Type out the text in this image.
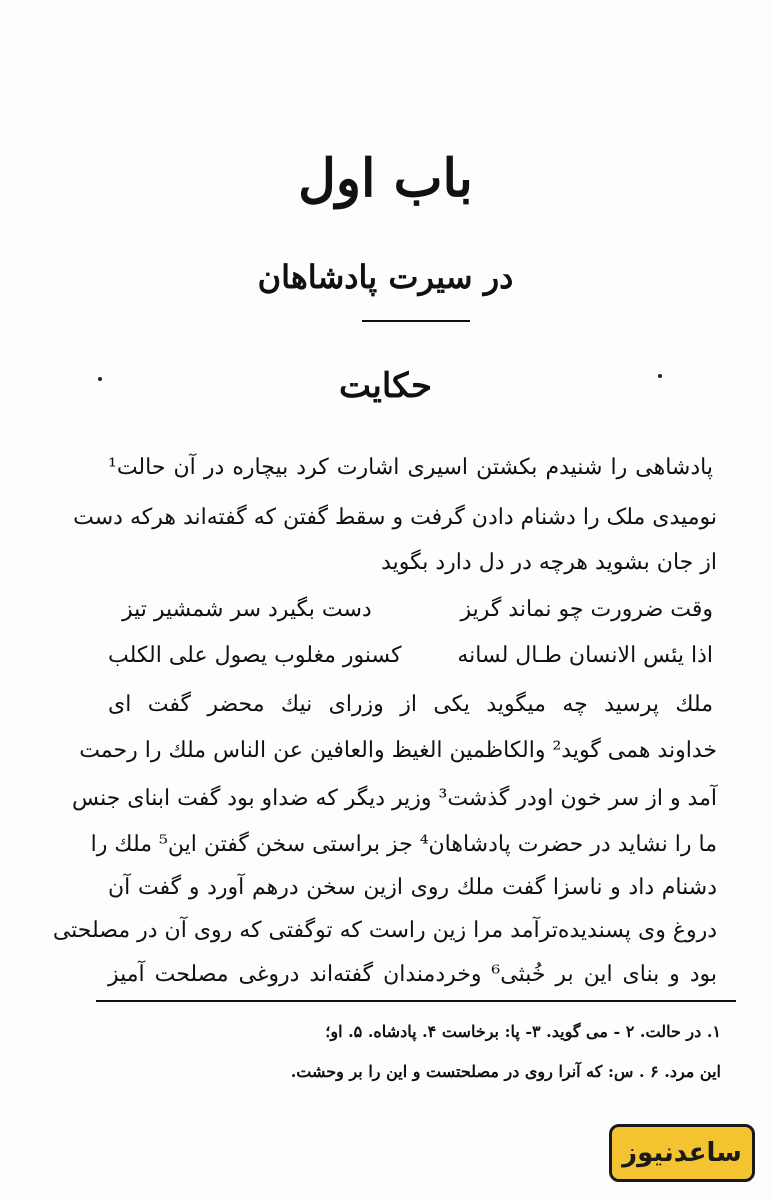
باب اول
در سیرت پادشاهان
حکایت
پادشاهی را شنیدم بکشتن اسیری اشارت کرد بیچاره در آن حالت¹
نومیدی ملک را دشنام دادن گرفت و سقط گفتن که گفته‌اند هرکه دست
از جان بشوید هرچه در دل دارد بگوید
وقت ضرورت چو نماند گریز
دست بگیرد سر شمشیر تیز
اذا یئس الانسان طـال لسانه
کسنور مغلوب یصول علی الکلب
ملك پرسید چه میگوید یکی از وزرای نیك محضر گفت ای
خداوند همی گوید² والکاظمین الغیظ والعافین عن الناس ملك را رحمت
آمد و از سر خون اودر گذشت³ وزیر دیگر که ضداو بود گفت ابنای جنس
ما را نشاید در حضرت پادشاهان⁴ جز براستی سخن گفتن این⁵ ملك را
دشنام داد و ناسزا گفت ملك روی ازین سخن درهم آورد و گفت آن
دروغ وی پسندیده‌ترآمد مرا زین راست که توگفتی که روی آن در مصلحتی
بود و بنای این بر خُبثی⁶ وخردمندان گفته‌اند دروغی مصلحت آمیز
۱. در حالت. ۲ - می گوید. ۳- پا: برخاست ۴. پادشاه. ۵. او؛
این مرد. ۶ . س: که آنرا روی در مصلحتست و این را بر وحشت.
ساعدنیوز
